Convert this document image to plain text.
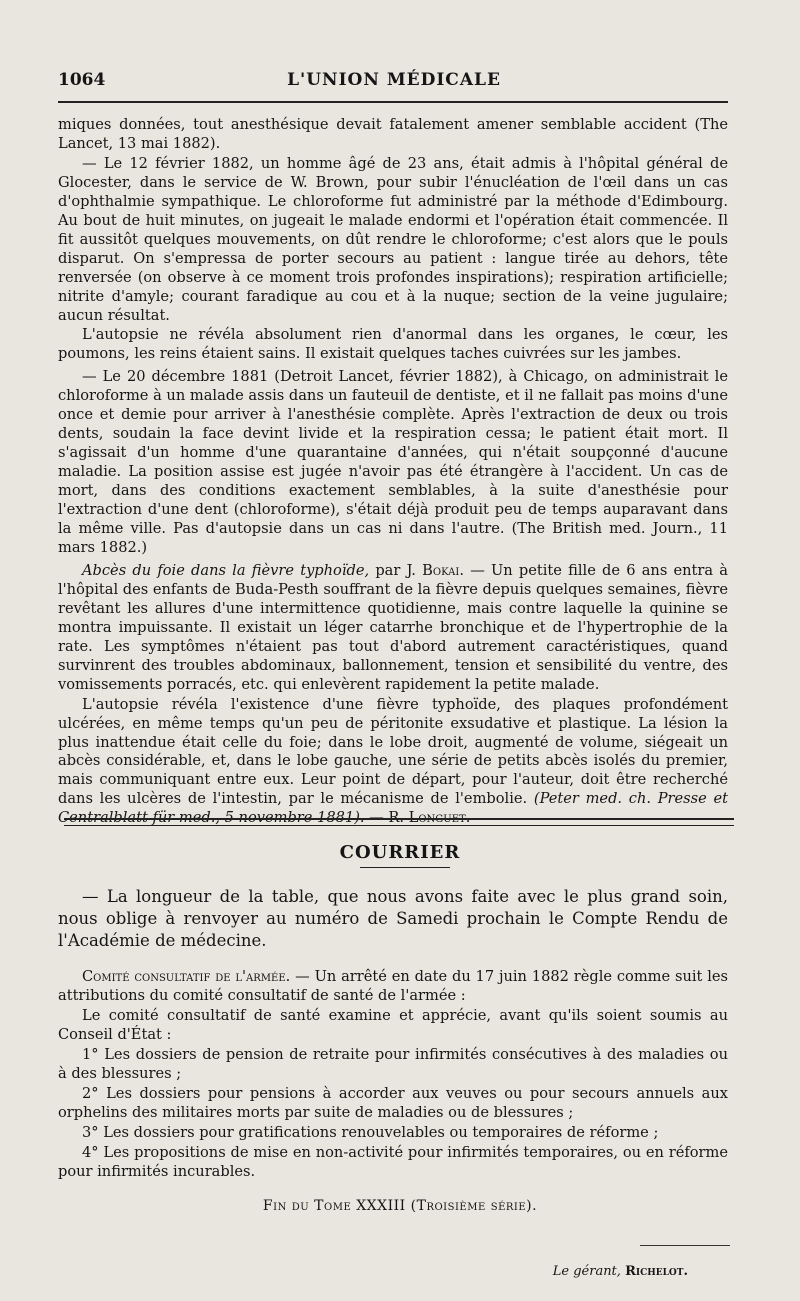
1064	L'UNION MÉDICALE

miques données, tout anesthésique devait fatalement amener semblable accident (The Lancet, 13 mai 1882).

— Le 12 février 1882, un homme âgé de 23 ans, était admis à l'hôpital général de Glocester, dans le service de W. Brown, pour subir l'énucléation de l'œil dans un cas d'ophthalmie sympathique. Le chloroforme fut administré par la méthode d'Edimbourg. Au bout de huit minutes, on jugeait le malade endormi et l'opération était commencée. Il fit aussitôt quelques mouvements, on dût rendre le chloroforme; c'est alors que le pouls disparut. On s'empressa de porter secours au patient : langue tirée au dehors, tête renversée (on observe à ce moment trois profondes inspirations); respiration artificielle; nitrite d'amyle; courant faradique au cou et à la nuque; section de la veine jugulaire; aucun résultat.

L'autopsie ne révéla absolument rien d'anormal dans les organes, le cœur, les poumons, les reins étaient sains. Il existait quelques taches cuivrées sur les jambes.

— Le 20 décembre 1881 (Detroit Lancet, février 1882), à Chicago, on administrait le chloroforme à un malade assis dans un fauteuil de dentiste, et il ne fallait pas moins d'une once et demie pour arriver à l'anesthésie complète. Après l'extraction de deux ou trois dents, soudain la face devint livide et la respiration cessa; le patient était mort. Il s'agissait d'un homme d'une quarantaine d'années, qui n'était soupçonné d'aucune maladie. La position assise est jugée n'avoir pas été étrangère à l'accident. Un cas de mort, dans des conditions exactement semblables, à la suite d'anesthésie pour l'extraction d'une dent (chloroforme), s'était déjà produit peu de temps auparavant dans la même ville. Pas d'autopsie dans un cas ni dans l'autre. (The British med. Journ., 11 mars 1882.)

Abcès du foie dans la fièvre typhoïde, par J. Bokai. — Un petite fille de 6 ans entra à l'hôpital des enfants de Buda-Pesth souffrant de la fièvre depuis quelques semaines, fièvre revêtant les allures d'une intermittence quotidienne, mais contre laquelle la quinine se montra impuissante. Il existait un léger catarrhe bronchique et de l'hypertrophie de la rate. Les symptômes n'étaient pas tout d'abord autrement caractéristiques, quand survinrent des troubles abdominaux, ballonnement, tension et sensibilité du ventre, des vomissements porracés, etc. qui enlevèrent rapidement la petite malade.

L'autopsie révéla l'existence d'une fièvre typhoïde, des plaques profondément ulcérées, en même temps qu'un peu de péritonite exsudative et plastique. La lésion la plus inattendue était celle du foie; dans le lobe droit, augmenté de volume, siégeait un abcès considérable, et, dans le lobe gauche, une série de petits abcès isolés du premier, mais communiquant entre eux. Leur point de départ, pour l'auteur, doit être recherché dans les ulcères de l'intestin, par le mécanisme de l'embolie. (Peter med. ch. Presse et Centralblatt für med., 5 novembre 1881). — R. Longuet.

COURRIER

— La longueur de la table, que nous avons faite avec le plus grand soin, nous oblige à renvoyer au numéro de Samedi prochain le Compte Rendu de l'Académie de médecine.

Comité consultatif de l'armée. — Un arrêté en date du 17 juin 1882 règle comme suit les attributions du comité consultatif de santé de l'armée :

Le comité consultatif de santé examine et apprécie, avant qu'ils soient soumis au Conseil d'État :

1° Les dossiers de pension de retraite pour infirmités consécutives à des maladies ou à des blessures ;

2° Les dossiers pour pensions à accorder aux veuves ou pour secours annuels aux orphelins des militaires morts par suite de maladies ou de blessures ;

3° Les dossiers pour gratifications renouvelables ou temporaires de réforme ;

4° Les propositions de mise en non-activité pour infirmités temporaires, ou en réforme pour infirmités incurables.

Fin du Tome XXXIII (Troisième série).
Le gérant, Richelot.
